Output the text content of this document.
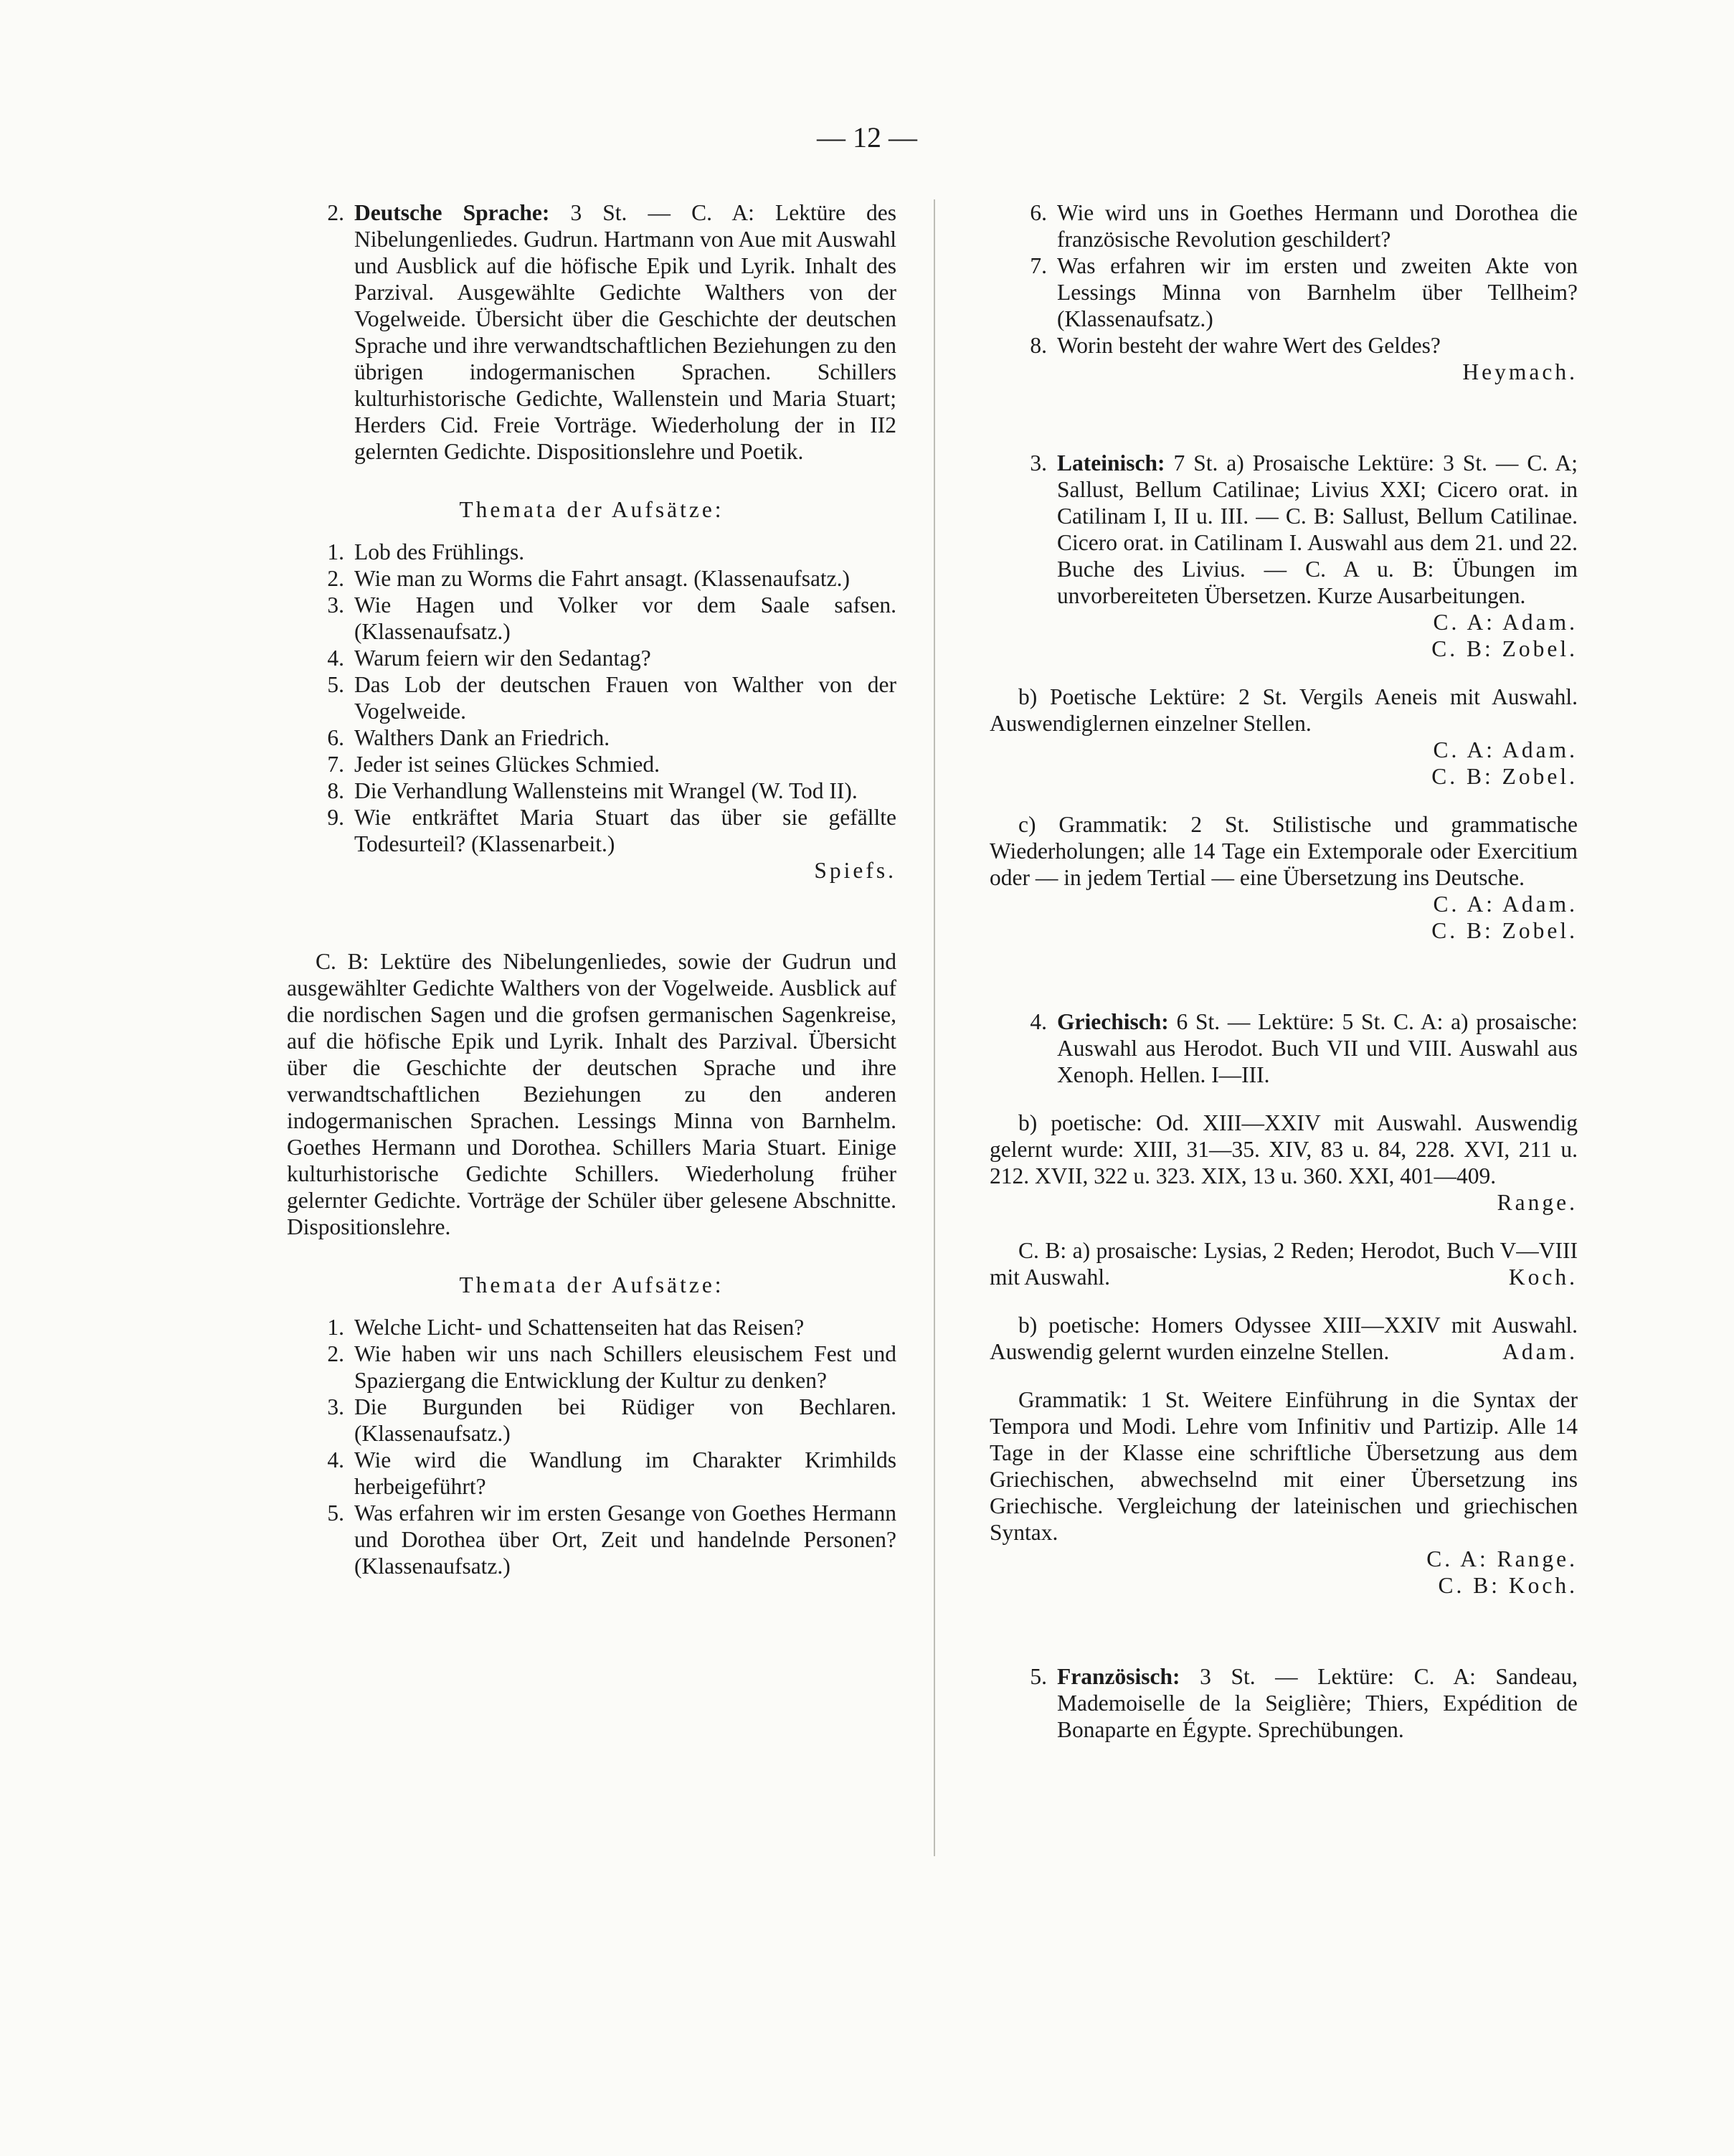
— 12 —

2. Deutsche Sprache: 3 St. — C. A: Lektüre des Nibelungenliedes. Gudrun. Hartmann von Aue mit Auswahl und Ausblick auf die höfische Epik und Lyrik. Inhalt des Parzival. Ausgewählte Gedichte Walthers von der Vogelweide. Übersicht über die Geschichte der deutschen Sprache und ihre verwandtschaftlichen Beziehungen zu den übrigen indogermanischen Sprachen. Schillers kulturhistorische Gedichte, Wallenstein und Maria Stuart; Herders Cid. Freie Vorträge. Wiederholung der in II2 gelernten Gedichte. Dispositionslehre und Poetik.

Themata der Aufsätze:
1. Lob des Frühlings.
2. Wie man zu Worms die Fahrt ansagt. (Klassenaufsatz.)
3. Wie Hagen und Volker vor dem Saale safsen. (Klassenaufsatz.)
4. Warum feiern wir den Sedantag?
5. Das Lob der deutschen Frauen von Walther von der Vogelweide.
6. Walthers Dank an Friedrich.
7. Jeder ist seines Glückes Schmied.
8. Die Verhandlung Wallensteins mit Wrangel (W. Tod II).
9. Wie entkräftet Maria Stuart das über sie gefällte Todesurteil? (Klassenarbeit.)
Spiefs.

C. B: Lektüre des Nibelungenliedes, sowie der Gudrun und ausgewählter Gedichte Walthers von der Vogelweide. Ausblick auf die nordischen Sagen und die grofsen germanischen Sagenkreise, auf die höfische Epik und Lyrik. Inhalt des Parzival. Übersicht über die Geschichte der deutschen Sprache und ihre verwandtschaftlichen Beziehungen zu den anderen indogermanischen Sprachen. Lessings Minna von Barnhelm. Goethes Hermann und Dorothea. Schillers Maria Stuart. Einige kulturhistorische Gedichte Schillers. Wiederholung früher gelernter Gedichte. Vorträge der Schüler über gelesene Abschnitte. Dispositionslehre.

Themata der Aufsätze:
1. Welche Licht- und Schattenseiten hat das Reisen?
2. Wie haben wir uns nach Schillers eleusischem Fest und Spaziergang die Entwicklung der Kultur zu denken?
3. Die Burgunden bei Rüdiger von Bechlaren. (Klassenaufsatz.)
4. Wie wird die Wandlung im Charakter Krimhilds herbeigeführt?
5. Was erfahren wir im ersten Gesange von Goethes Hermann und Dorothea über Ort, Zeit und handelnde Personen? (Klassenaufsatz.)
6. Wie wird uns in Goethes Hermann und Dorothea die französische Revolution geschildert?
7. Was erfahren wir im ersten und zweiten Akte von Lessings Minna von Barnhelm über Tellheim? (Klassenaufsatz.)
8. Worin besteht der wahre Wert des Geldes?
Heymach.

3. Lateinisch: 7 St. a) Prosaische Lektüre: 3 St. — C. A; Sallust, Bellum Catilinae; Livius XXI; Cicero orat. in Catilinam I, II u. III. — C. B: Sallust, Bellum Catilinae. Cicero orat. in Catilinam I. Auswahl aus dem 21. und 22. Buche des Livius. — C. A u. B: Übungen im unvorbereiteten Übersetzen. Kurze Ausarbeitungen.

C. A: Adam.
C. B: Zobel.

b) Poetische Lektüre: 2 St. Vergils Aeneis mit Auswahl. Auswendiglernen einzelner Stellen.

C. A: Adam.
C. B: Zobel.

c) Grammatik: 2 St. Stilistische und grammatische Wiederholungen; alle 14 Tage ein Extemporale oder Exercitium oder — in jedem Tertial — eine Übersetzung ins Deutsche.

C. A: Adam.
C. B: Zobel.

4. Griechisch: 6 St. — Lektüre: 5 St. C. A: a) prosaische: Auswahl aus Herodot. Buch VII und VIII. Auswahl aus Xenoph. Hellen. I—III.

b) poetische: Od. XIII—XXIV mit Auswahl. Auswendig gelernt wurde: XIII, 31—35. XIV, 83 u. 84, 228. XVI, 211 u. 212. XVII, 322 u. 323. XIX, 13 u. 360. XXI, 401—409.

Range.

C. B: a) prosaische: Lysias, 2 Reden; Herodot, Buch V—VIII mit Auswahl.	Koch.

b) poetische: Homers Odyssee XIII—XXIV mit Auswahl. Auswendig gelernt wurden einzelne Stellen.	Adam.

Grammatik: 1 St. Weitere Einführung in die Syntax der Tempora und Modi. Lehre vom Infinitiv und Partizip. Alle 14 Tage in der Klasse eine schriftliche Übersetzung aus dem Griechischen, abwechselnd mit einer Übersetzung ins Griechische. Vergleichung der lateinischen und griechischen Syntax.

C. A: Range.
C. B: Koch.

5. Französisch: 3 St. — Lektüre: C. A: Sandeau, Mademoiselle de la Seiglière; Thiers, Expédition de Bonaparte en Égypte. Sprechübungen.
